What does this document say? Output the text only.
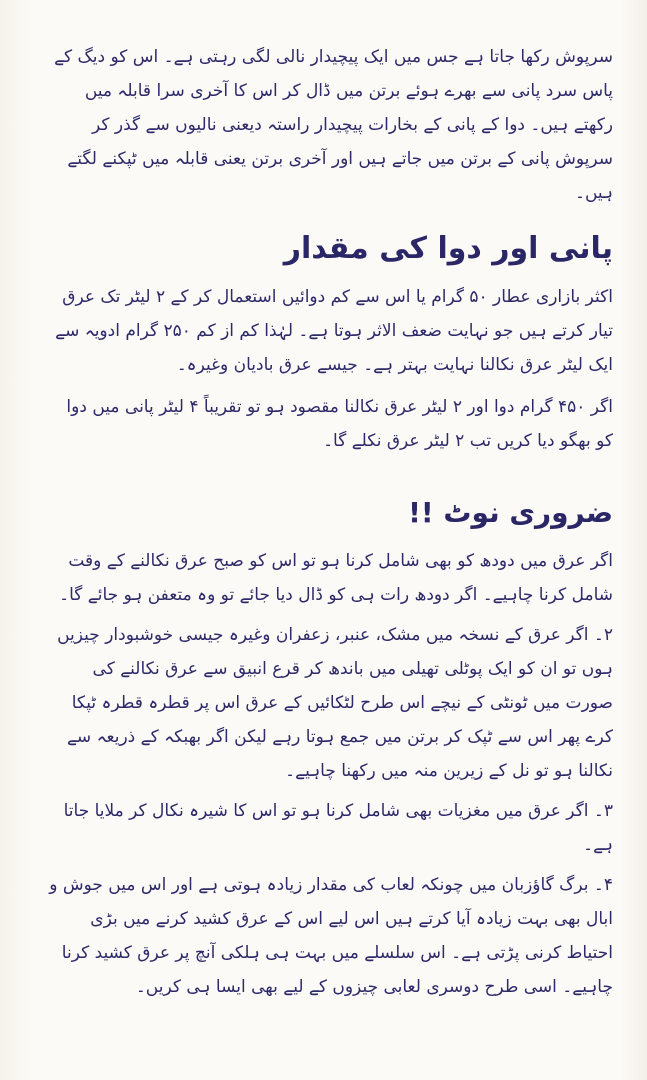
سرپوش رکھا جاتا ہے جس میں ایک پیچیدار نالی لگی رہتی ہے۔ اس کو دیگ کے پاس سرد پانی سے بھرے ہوئے برتن میں ڈال کر اس کا آخری سرا قابلہ میں رکھتے ہیں۔ دوا کے پانی کے بخارات پیچیدار راستہ دیعنی نالیوں سے گذر کر سرپوش پانی کے برتن میں جاتے ہیں اور آخری برتن یعنی قابلہ میں ٹپکنے لگتے ہیں۔

پانی اور دوا کی مقدار

اکثر بازاری عطار ۵۰ گرام یا اس سے کم دوائیں استعمال کر کے ۲ لیٹر تک عرق تیار کرتے ہیں جو نہایت ضعف الاثر ہوتا ہے۔ لہٰذا کم از کم ۲۵۰ گرام ادویہ سے ایک لیٹر عرق نکالنا نہایت بہتر ہے۔ جیسے عرق بادیان وغیرہ۔

اگر ۴۵۰ گرام دوا اور ۲ لیٹر عرق نکالنا مقصود ہو تو تقریباً ۴ لیٹر پانی میں دوا کو بھگو دیا کریں تب ۲ لیٹر عرق نکلے گا۔

ضروری نوٹ !!

اگر عرق میں دودھ کو بھی شامل کرنا ہو تو اس کو صبح عرق نکالنے کے وقت شامل کرنا چاہیے۔ اگر دودھ رات ہی کو ڈال دیا جائے تو وہ متعفن ہو جائے گا۔

۲۔ اگر عرق کے نسخہ میں مشک، عنبر، زعفران وغیرہ جیسی خوشبودار چیزیں ہوں تو ان کو ایک پوٹلی تھیلی میں باندھ کر قرع انبیق سے عرق نکالنے کی صورت میں ٹونٹی کے نیچے اس طرح لٹکائیں کے عرق اس پر قطرہ قطرہ ٹپکا کرے پھر اس سے ٹپک کر برتن میں جمع ہوتا رہے لیکن اگر بھبکہ کے ذریعہ سے نکالنا ہو تو نل کے زیرین منہ میں رکھنا چاہیے۔

۳۔ اگر عرق میں مغزیات بھی شامل کرنا ہو تو اس کا شیرہ نکال کر ملایا جاتا ہے۔

۴۔ برگ گاؤزبان میں چونکہ لعاب کی مقدار زیادہ ہوتی ہے اور اس میں جوش و ابال بھی بہت زیادہ آیا کرتے ہیں اس لیے اس کے عرق کشید کرنے میں بڑی احتیاط کرنی پڑتی ہے۔ اس سلسلے میں بہت ہی ہلکی آنچ پر عرق کشید کرنا چاہیے۔ اسی طرح دوسری لعابی چیزوں کے لیے بھی ایسا ہی کریں۔
